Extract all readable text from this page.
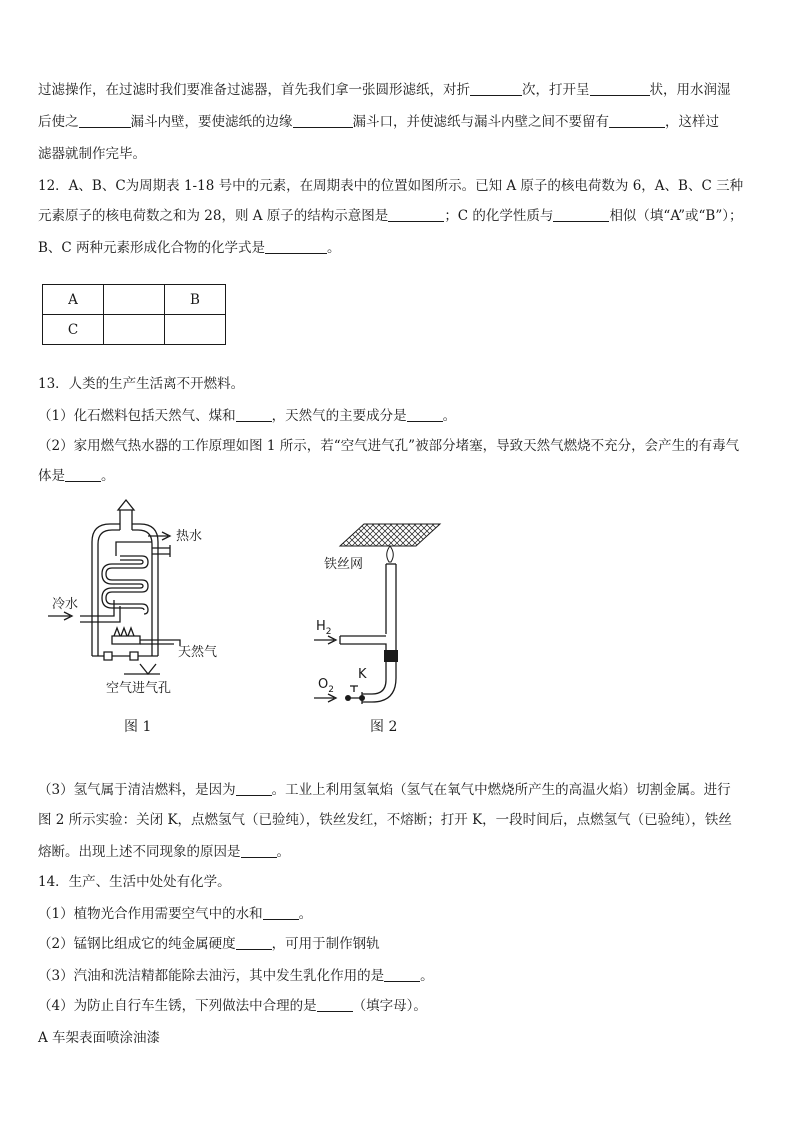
过滤操作，在过滤时我们要准备过滤器，首先我们拿一张圆形滤纸，对折	次，打开呈	状，用水润湿
后使之	漏斗内壁，要使滤纸的边缘	漏斗口，并使滤纸与漏斗内壁之间不要留有	，这样过
滤器就制作完毕。
12．A、B、C为周期表 1-18 号中的元素，在周期表中的位置如图所示。已知 A 原子的核电荷数为 6，A、B、C 三种
元素原子的核电荷数之和为 28，则 A 原子的结构示意图是	；C 的化学性质与	相似（填“A”或“B”）；
B、C 两种元素形成化合物的化学式是	。
A		B
C		
13．人类的生产生活离不开燃料。
（1）化石燃料包括天然气、煤和	，天然气的主要成分是	。
（2）家用燃气热水器的工作原理如图 1 所示，若“空气进气孔”被部分堵塞，导致天然气燃烧不充分，会产生的有毒气
体是	。
热水
冷水
天然气
空气进气孔
图 1
铁丝网
$H_2$
K
$O_2$
图 2
（3）氢气属于清洁燃料，是因为	。工业上利用氢氧焰（氢气在氧气中燃烧所产生的高温火焰）切割金属。进行
图 2 所示实验：关闭 K，点燃氢气（已验纯），铁丝发红，不熔断；打开 K，一段时间后，点燃氢气（已验纯），铁丝
熔断。出现上述不同现象的原因是	。
14．生产、生活中处处有化学。
（1）植物光合作用需要空气中的水和	。
（2）锰钢比组成它的纯金属硬度	，可用于制作钢轨
（3）汽油和洗洁精都能除去油污，其中发生乳化作用的是	。
（4）为防止自行车生锈，下列做法中合理的是	（填字母）。
A 车架表面喷涂油漆
